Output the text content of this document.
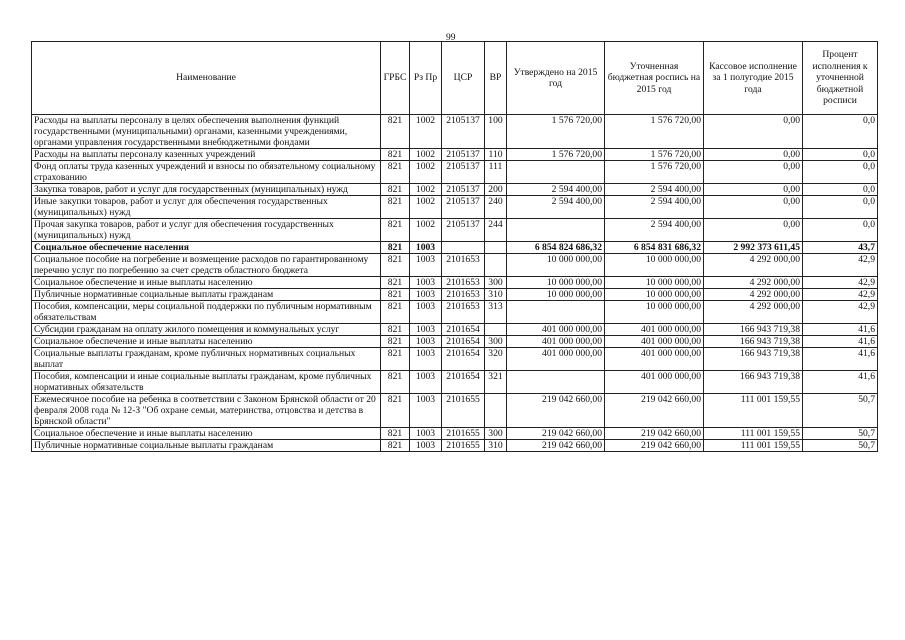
99
Наименование	ГРБС	Рз Пр	ЦСР	ВР	Утверждено на 2015 год	Уточненная бюджетная роспись на 2015 год	Кассовое исполнение за 1 полугодие 2015 года	Процент исполнения к уточненной бюджетной росписи
Расходы на выплаты персоналу в целях обеспечения выполнения функций государственными (муниципальными) органами, казенными учреждениями, органами управления государственными внебюджетными фондами	821	1002	2105137	100	1 576 720,00	1 576 720,00	0,00	0,0
Расходы на выплаты персоналу казенных учреждений	821	1002	2105137	110	1 576 720,00	1 576 720,00	0,00	0,0
Фонд оплаты труда казенных учреждений и взносы по обязательному социальному страхованию	821	1002	2105137	111		1 576 720,00	0,00	0,0
Закупка товаров, работ и услуг для государственных (муниципальных) нужд	821	1002	2105137	200	2 594 400,00	2 594 400,00	0,00	0,0
Иные закупки товаров, работ и услуг для обеспечения государственных (муниципальных) нужд	821	1002	2105137	240	2 594 400,00	2 594 400,00	0,00	0,0
Прочая закупка товаров, работ и услуг для обеспечения государственных (муниципальных) нужд	821	1002	2105137	244		2 594 400,00	0,00	0,0
Социальное обеспечение населения	821	1003			6 854 824 686,32	6 854 831 686,32	2 992 373 611,45	43,7
Социальное пособие на погребение и возмещение расходов по гарантированному перечню услуг по погребению за счет средств областного бюджета	821	1003	2101653		10 000 000,00	10 000 000,00	4 292 000,00	42,9
Социальное обеспечение и иные выплаты населению	821	1003	2101653	300	10 000 000,00	10 000 000,00	4 292 000,00	42,9
Публичные нормативные социальные выплаты гражданам	821	1003	2101653	310	10 000 000,00	10 000 000,00	4 292 000,00	42,9
Пособия, компенсации, меры социальной поддержки по публичным нормативным обязательствам	821	1003	2101653	313		10 000 000,00	4 292 000,00	42,9
Субсидии гражданам на оплату жилого помещения и коммунальных услуг	821	1003	2101654		401 000 000,00	401 000 000,00	166 943 719,38	41,6
Социальное обеспечение и иные выплаты населению	821	1003	2101654	300	401 000 000,00	401 000 000,00	166 943 719,38	41,6
Социальные выплаты гражданам, кроме публичных нормативных социальных выплат	821	1003	2101654	320	401 000 000,00	401 000 000,00	166 943 719,38	41,6
Пособия, компенсации и иные социальные выплаты гражданам, кроме публичных нормативных обязательств	821	1003	2101654	321		401 000 000,00	166 943 719,38	41,6
Ежемесячное пособие на ребенка в соответствии с Законом Брянской области от 20 февраля 2008 года № 12-З "Об охране семьи, материнства, отцовства и детства в Брянской области"	821	1003	2101655		219 042 660,00	219 042 660,00	111 001 159,55	50,7
Социальное обеспечение и иные выплаты населению	821	1003	2101655	300	219 042 660,00	219 042 660,00	111 001 159,55	50,7
Публичные нормативные социальные выплаты гражданам	821	1003	2101655	310	219 042 660,00	219 042 660,00	111 001 159,55	50,7
